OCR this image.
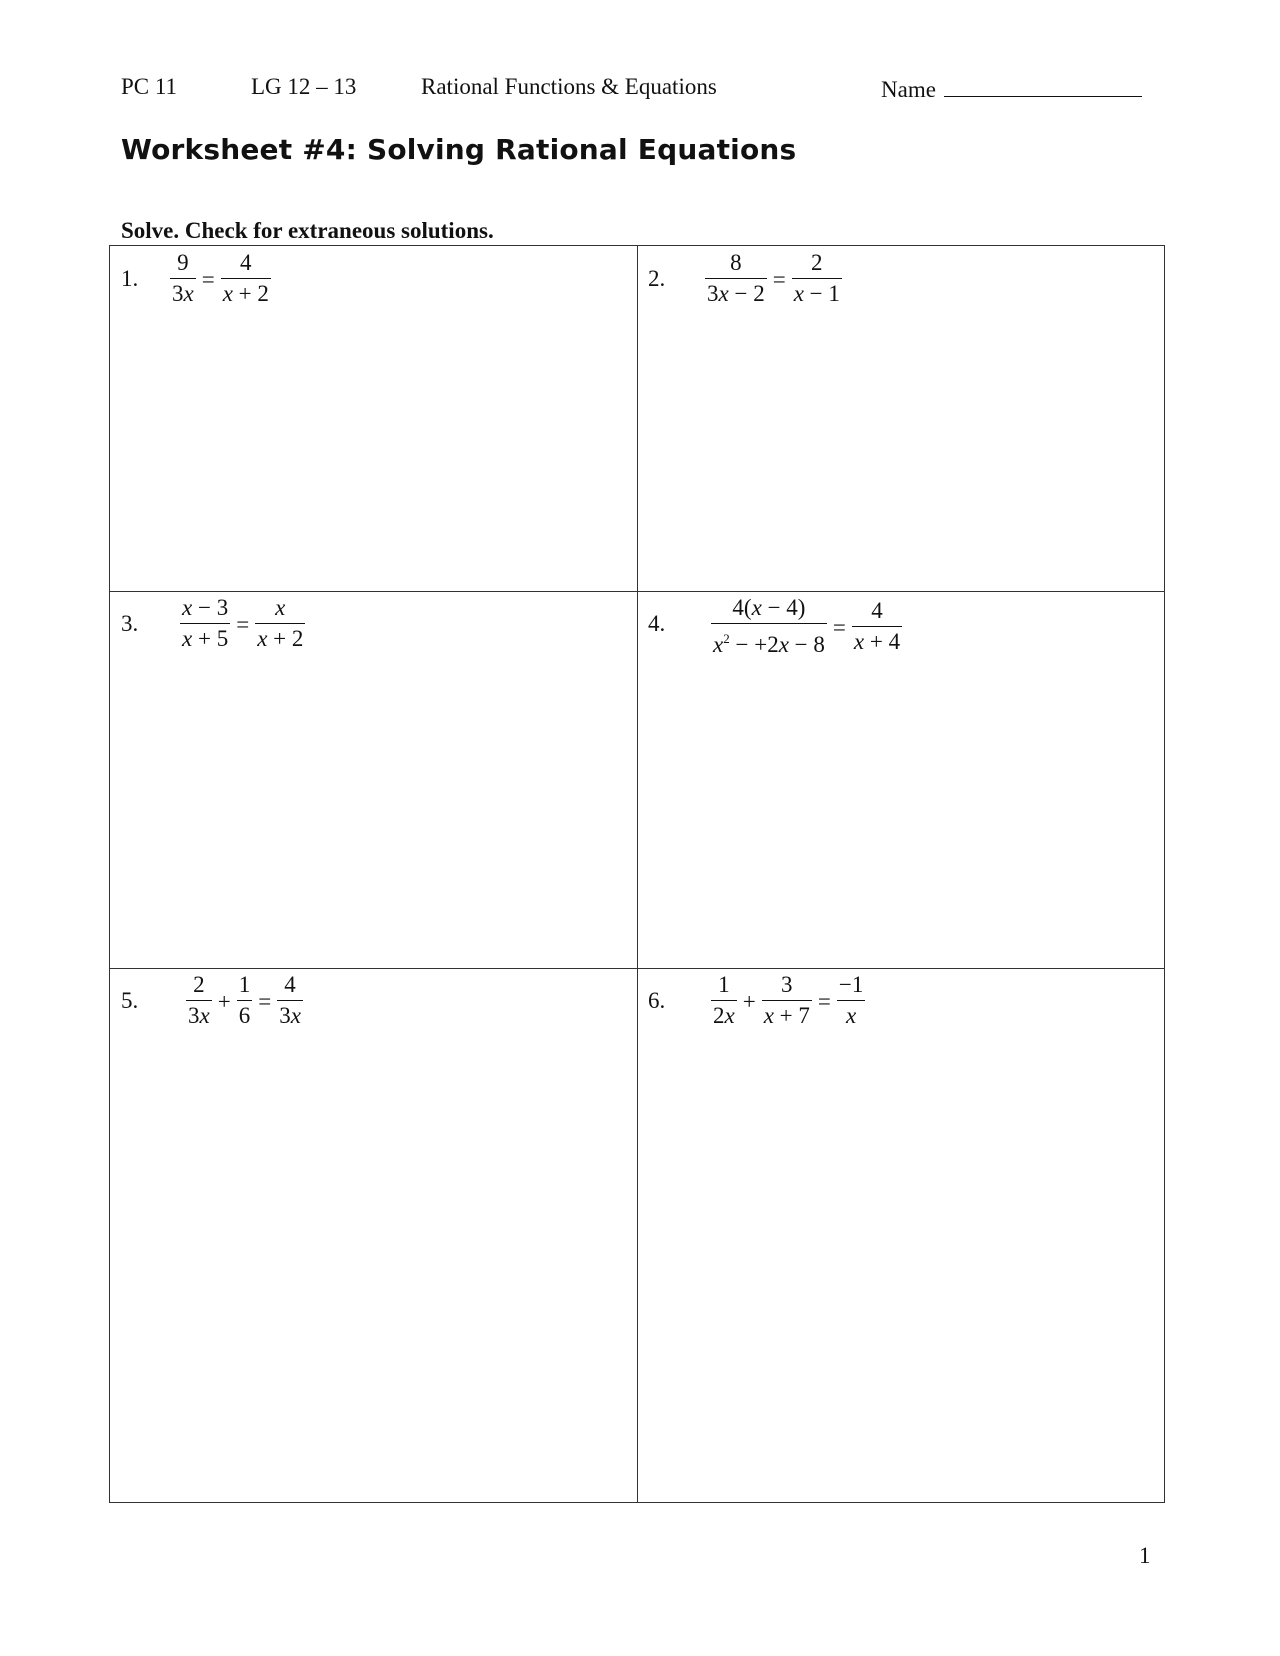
PC 11	LG 12 – 13	Rational Functions & Equations	Name
Worksheet #4: Solving Rational Equations
Solve. Check for extraneous solutions.
1. $\frac{9}{3x} = \frac{4}{x + 2}$	2. $\frac{8}{3x - 2} = \frac{2}{x - 1}$
3. $\frac{x - 3}{x + 5} = \frac{x}{x + 2}$	4. $\frac{4(x - 4)}{x^2 - +2x - 8} = \frac{4}{x + 4}$
5. $\frac{2}{3x} + \frac{1}{6} = \frac{4}{3x}$	6. $\frac{1}{2x} + \frac{3}{x + 7} = \frac{-1}{x}$
1
